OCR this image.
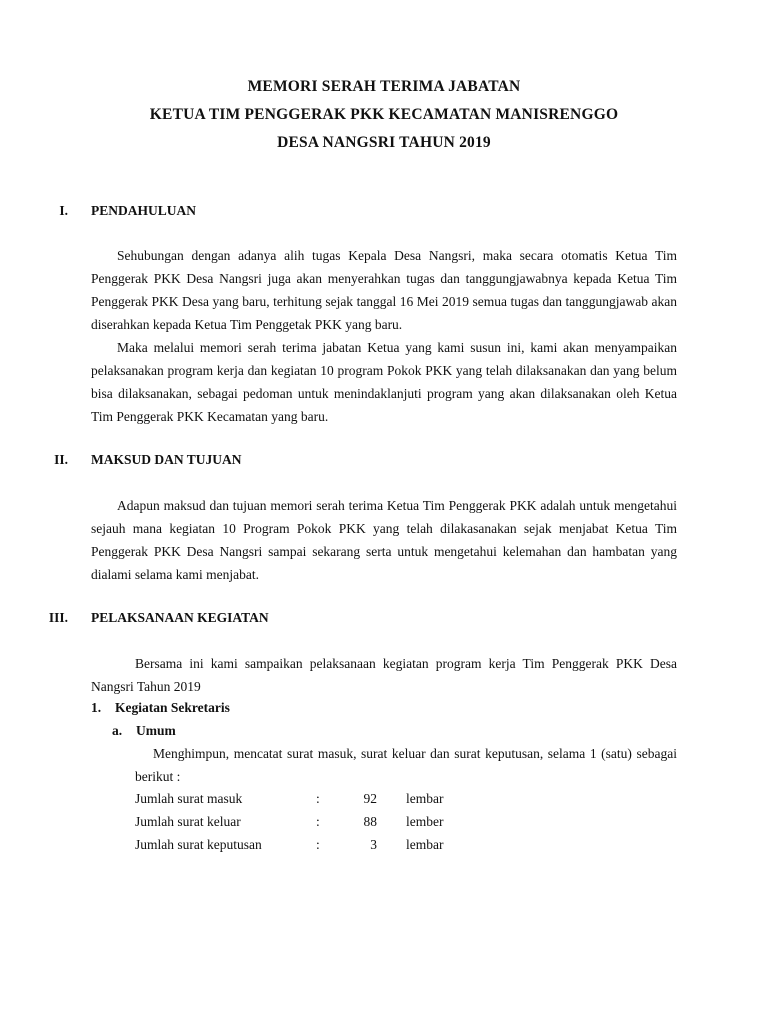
MEMORI SERAH TERIMA JABATAN
KETUA TIM PENGGERAK PKK KECAMATAN MANISRENGGO
DESA NANGSRI TAHUN 2019
I. PENDAHULUAN

Sehubungan dengan adanya alih tugas Kepala Desa Nangsri, maka secara otomatis Ketua Tim Penggerak PKK Desa Nangsri juga akan menyerahkan tugas dan tanggungjawabnya kepada Ketua Tim Penggerak PKK Desa yang baru, terhitung sejak tanggal 16 Mei 2019 semua tugas dan tanggungjawab akan diserahkan kepada Ketua Tim Penggetak PKK yang baru.

Maka melalui memori serah terima jabatan Ketua yang kami susun ini, kami akan menyampaikan pelaksanakan program kerja dan kegiatan 10 program Pokok PKK yang telah dilaksanakan dan yang belum bisa dilaksanakan, sebagai pedoman untuk menindaklanjuti program yang akan dilaksanakan oleh Ketua Tim Penggerak PKK Kecamatan yang baru.

II. MAKSUD DAN TUJUAN

Adapun maksud dan tujuan memori serah terima Ketua Tim Penggerak PKK adalah untuk mengetahui sejauh mana kegiatan 10 Program Pokok PKK yang telah dilakasanakan sejak menjabat Ketua Tim Penggerak PKK Desa Nangsri sampai sekarang serta untuk mengetahui kelemahan dan hambatan yang dialami selama kami menjabat.

III. PELAKSANAAN KEGIATAN

Bersama ini kami sampaikan pelaksanaan kegiatan program kerja Tim Penggerak PKK Desa Nangsri Tahun 2019

1. Kegiatan Sekretaris
a. Umum

Menghimpun, mencatat surat masuk, surat keluar dan surat keputusan, selama 1 (satu) sebagai berikut :

Jumlah surat masuk	:	92 lembar
Jumlah surat keluar	:	88 lember
Jumlah surat keputusan	:	3 lembar
